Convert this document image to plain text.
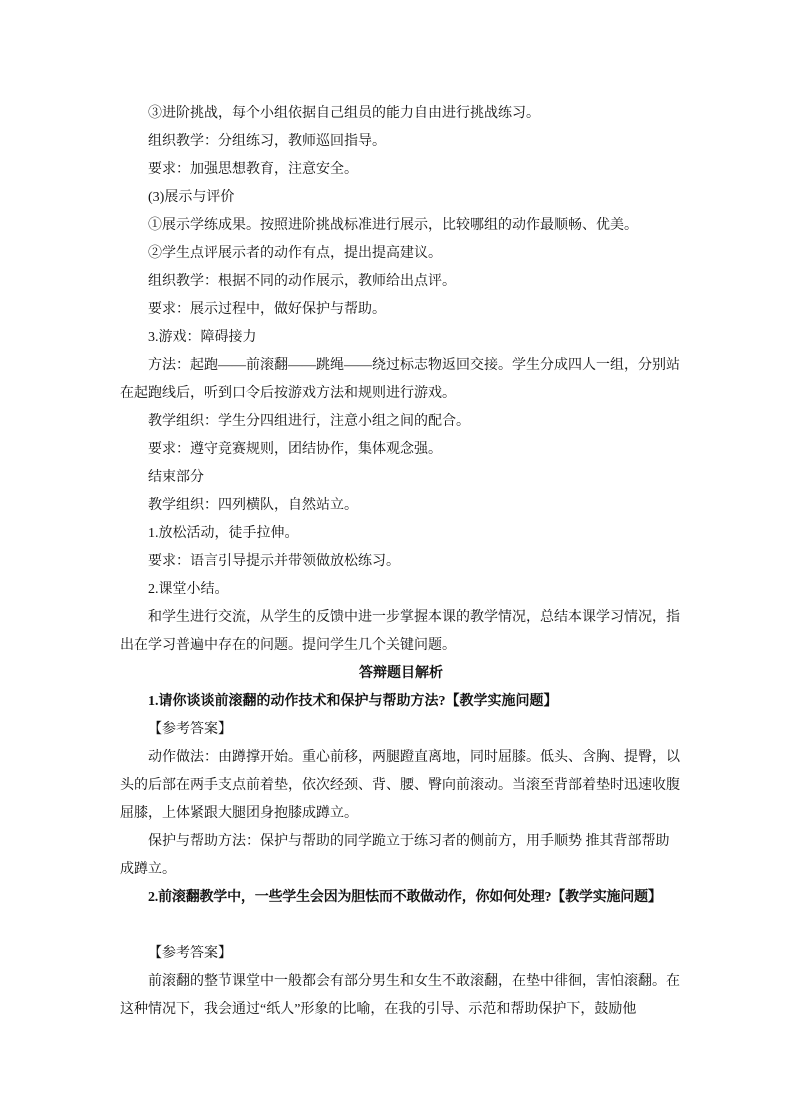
③进阶挑战，每个小组依据自己组员的能力自由进行挑战练习。

组织教学：分组练习，教师巡回指导。

要求：加强思想教育，注意安全。

(3)展示与评价

①展示学练成果。按照进阶挑战标准进行展示，比较哪组的动作最顺畅、优美。

②学生点评展示者的动作有点，提出提高建议。

组织教学：根据不同的动作展示，教师给出点评。

要求：展示过程中，做好保护与帮助。

3.游戏：障碍接力

方法：起跑——前滚翻——跳绳——绕过标志物返回交接。学生分成四人一组，分别站在起跑线后，听到口令后按游戏方法和规则进行游戏。

教学组织：学生分四组进行，注意小组之间的配合。

要求：遵守竞赛规则，团结协作，集体观念强。

结束部分

教学组织：四列横队，自然站立。

1.放松活动，徒手拉伸。

要求：语言引导提示并带领做放松练习。

2.课堂小结。

和学生进行交流，从学生的反馈中进一步掌握本课的教学情况，总结本课学习情况，指出在学习普遍中存在的问题。提问学生几个关键问题。

答辩题目解析

1.请你谈谈前滚翻的动作技术和保护与帮助方法?【教学实施问题】

【参考答案】

动作做法：由蹲撑开始。重心前移，两腿蹬直离地，同时屈膝。低头、含胸、提臀，以头的后部在两手支点前着垫，依次经颈、背、腰、臀向前滚动。当滚至背部着垫时迅速收腹屈膝，上体紧跟大腿团身抱膝成蹲立。

保护与帮助方法：保护与帮助的同学跪立于练习者的侧前方，用手顺势 推其背部帮助成蹲立。

2.前滚翻教学中，一些学生会因为胆怯而不敢做动作，你如何处理?【教学实施问题】

【参考答案】

前滚翻的整节课堂中一般都会有部分男生和女生不敢滚翻，在垫中徘徊，害怕滚翻。在这种情况下，我会通过“纸人”形象的比喻，在我的引导、示范和帮助保护下，鼓励他
